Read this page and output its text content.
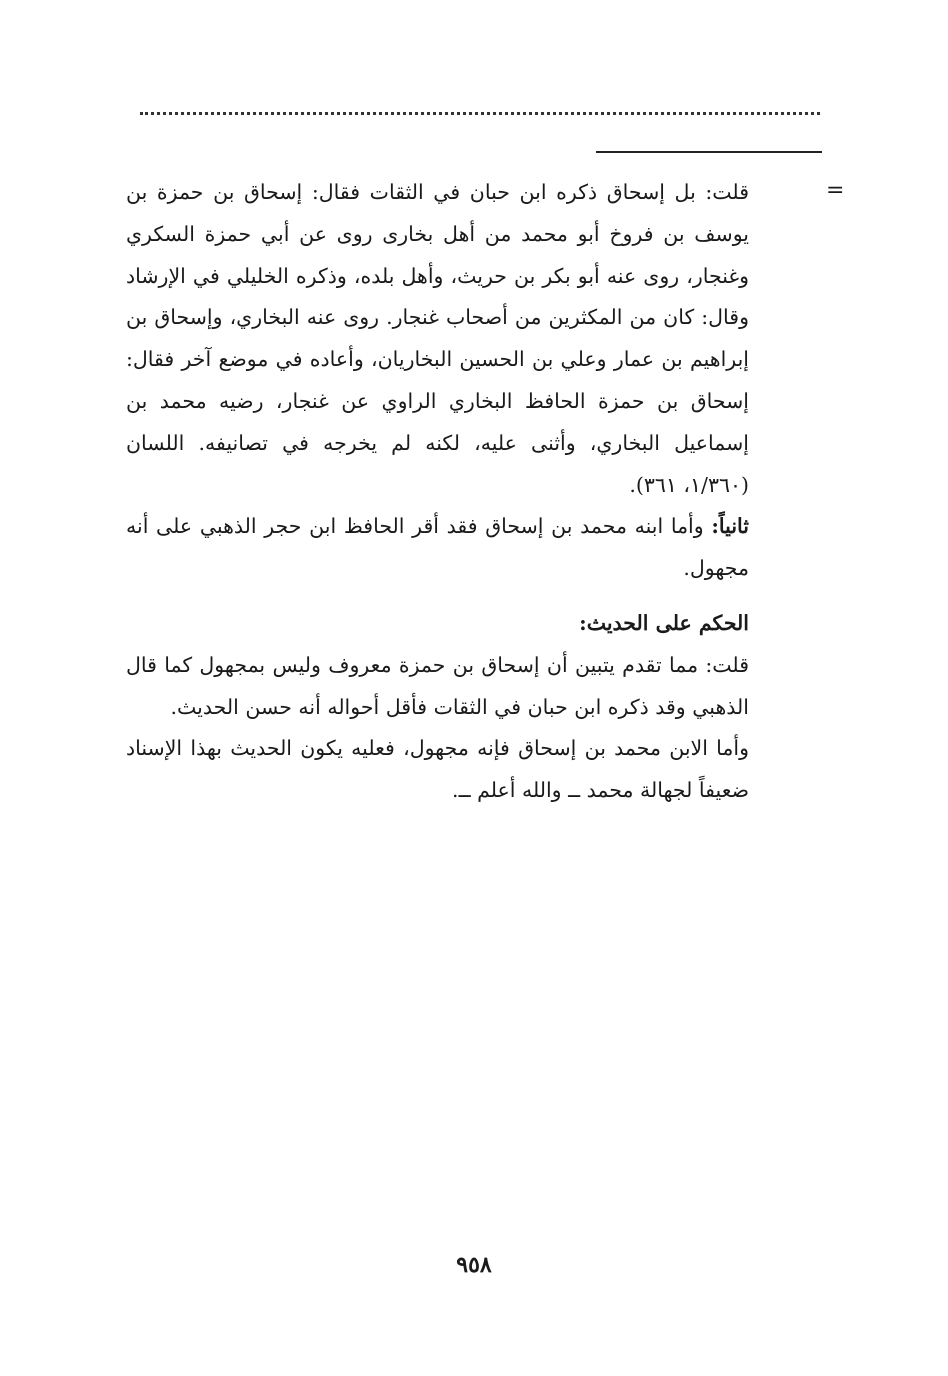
=

قلت: بل إسحاق ذكره ابن حبان في الثقات فقال: إسحاق بن حمزة بن يوسف بن فروخ أبو محمد من أهل بخارى روى عن أبي حمزة السكري وغنجار، روى عنه أبو بكر بن حريث، وأهل بلده، وذكره الخليلي في الإرشاد وقال: كان من المكثرين من أصحاب غنجار. روى عنه البخاري، وإسحاق بن إبراهيم بن عمار وعلي بن الحسين البخاريان، وأعاده في موضع آخر فقال: إسحاق بن حمزة الحافظ البخاري الراوي عن غنجار، رضيه محمد بن إسماعيل البخاري، وأثنى عليه، لكنه لم يخرجه في تصانيفه. اللسان (١/٣٦٠، ٣٦١).

ثانياً: وأما ابنه محمد بن إسحاق فقد أقر الحافظ ابن حجر الذهبي على أنه مجهول.

الحكم على الحديث:

قلت: مما تقدم يتبين أن إسحاق بن حمزة معروف وليس بمجهول كما قال الذهبي وقد ذكره ابن حبان في الثقات فأقل أحواله أنه حسن الحديث.

وأما الابن محمد بن إسحاق فإنه مجهول، فعليه يكون الحديث بهذا الإسناد ضعيفاً لجهالة محمد ــ والله أعلم ــ.

٩٥٨
